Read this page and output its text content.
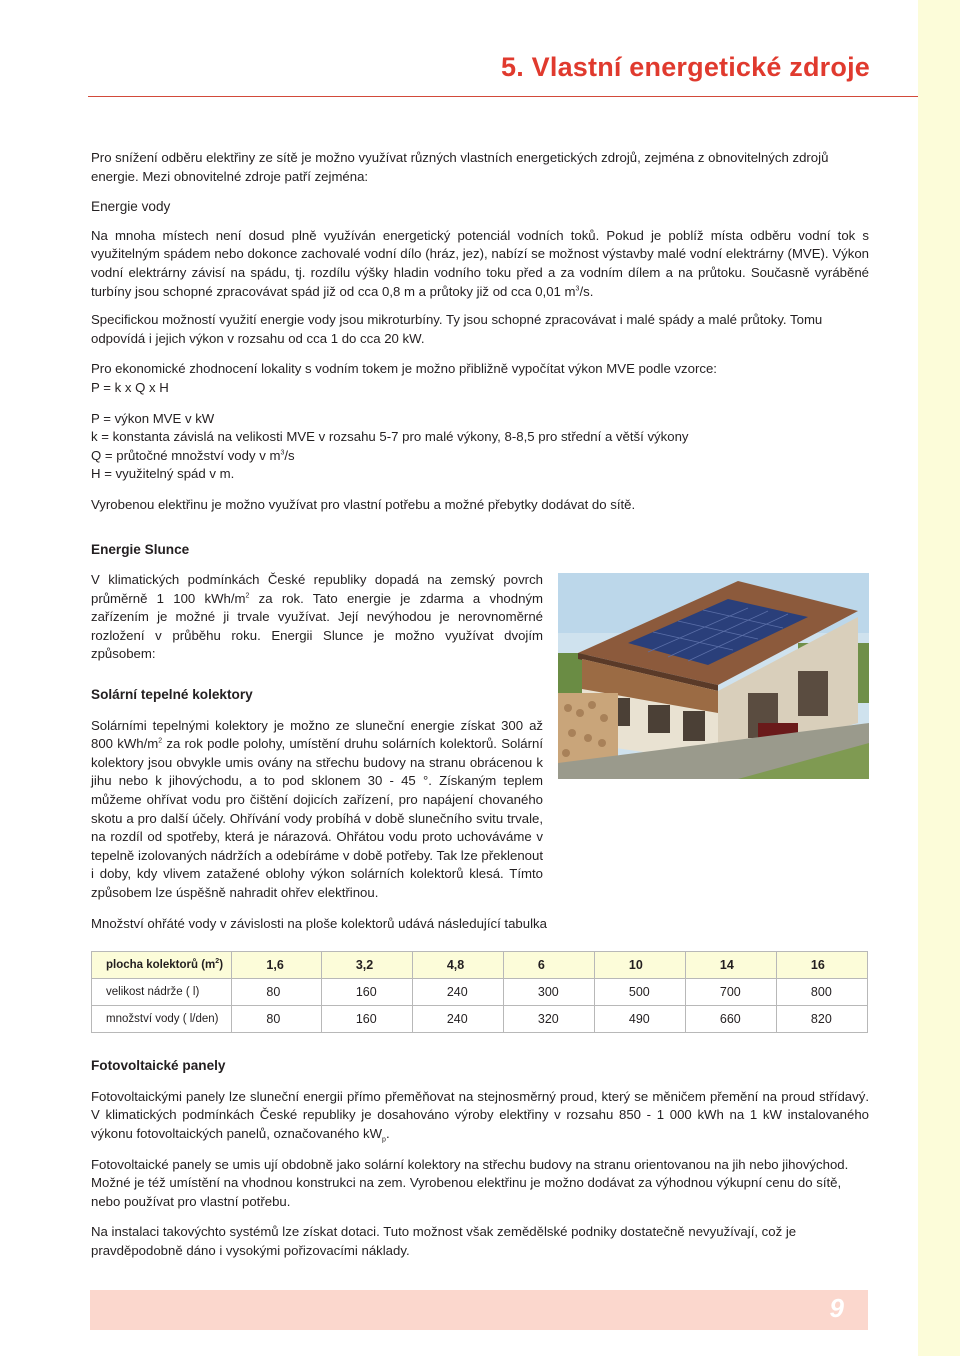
5. Vlastní energetické zdroje

Pro snížení odběru elektřiny ze sítě je možno využívat různých vlastních energetických zdrojů, zejména z obnovitelných zdrojů energie. Mezi obnovitelné zdroje patří zejména:

Energie vody

Na mnoha místech není dosud plně využíván energetický potenciál vodních toků. Pokud je poblíž místa odběru vodní tok s využitelným spádem nebo dokonce zachovalé vodní dílo (hráz, jez), nabízí se možnost výstavby malé vodní elektrárny (MVE). Výkon vodní elektrárny závisí na spádu, tj. rozdílu výšky hladin vodního toku před a za vodním dílem a na průtoku. Současně vyráběné turbíny jsou schopné zpracovávat spád již od cca 0,8 m a průtoky již od cca 0,01 $m^3/s$.

Specifickou možností využití energie vody jsou mikroturbíny. Ty jsou schopné zpracovávat i malé spády a malé průtoky. Tomu odpovídá i jejich výkon v rozsahu od cca 1 do cca 20 kW.

Pro ekonomické zhodnocení lokality s vodním tokem je možno přibližně vypočítat výkon MVE podle vzorce:

P = k x Q x H

P = výkon MVE v kW

k = konstanta závislá na velikosti MVE v rozsahu 5-7 pro malé výkony, 8-8,5 pro střední a větší výkony

Q = průtočné množství vody v $m^3/s$

H = využitelný spád v m.

Vyrobenou elektřinu je možno využívat pro vlastní potřebu a možné přebytky dodávat do sítě.

Energie Slunce

V klimatických podmínkách České republiky dopadá na zemský povrch průměrně 1 100 kWh/$m^2$ za rok. Tato energie je zdarma a vhodným zařízením je možné ji trvale využívat. Její nevýhodou je nerovnoměrné rozložení v průběhu roku. Energii Slunce je možno využívat dvojím způsobem:

Solární tepelné kolektory

Solárními tepelnými kolektory je možno ze sluneční energie získat 300 až 800 kWh/$m^2$ za rok podle polohy, umístění druhu solárních kolektorů. Solární kolektory jsou obvykle umis ovány na střechu budovy na stranu obrácenou k jihu nebo k jihovýchodu, a to pod sklonem 30 - 45 °. Získaným teplem můžeme ohřívat vodu pro čištění dojicích zařízení, pro napájení chovaného skotu a pro další účely. Ohřívání vody probíhá v době slunečního svitu trvale, na rozdíl od spotřeby, která je nárazová. Ohřátou vodu proto uchováváme v tepelně izolovaných nádržích a odebíráme v době potřeby. Tak lze překlenout i doby, kdy vlivem zatažené oblohy výkon solárních kolektorů klesá. Tímto způsobem lze úspěšně nahradit ohřev elektřinou.

Množství ohřáté vody v závislosti na ploše kolektorů udává následující tabulka

plocha kolektorů $(m^2)$	1,6	3,2	4,8	6	10	14	16
velikost nádrže ( l)	80	160	240	300	500	700	800
množství vody ( l/den)	80	160	240	320	490	660	820

Fotovoltaické panely

Fotovoltaickými panely lze sluneční energii přímo přeměňovat na stejnosměrný proud, který se měničem přemění na proud střídavý. V klimatických podmínkách České republiky je dosahováno výroby elektřiny v rozsahu 850 - 1 000 kWh na 1 kW instalovaného výkonu fotovoltaických panelů, označovaného $kW_p$.

Fotovoltaické panely se umis ují obdobně jako solární kolektory na střechu budovy na stranu orientovanou na jih nebo jihovýchod. Možné je též umístění na vhodnou konstrukci na zem. Vyrobenou elektřinu je možno dodávat za výhodnou výkupní cenu do sítě, nebo používat pro vlastní potřebu.

Na instalaci takovýchto systémů lze získat dotaci. Tuto možnost však zemědělské podniky dostatečně nevyužívají, což je pravděpodobně dáno i vysokými pořizovacími náklady.

9
